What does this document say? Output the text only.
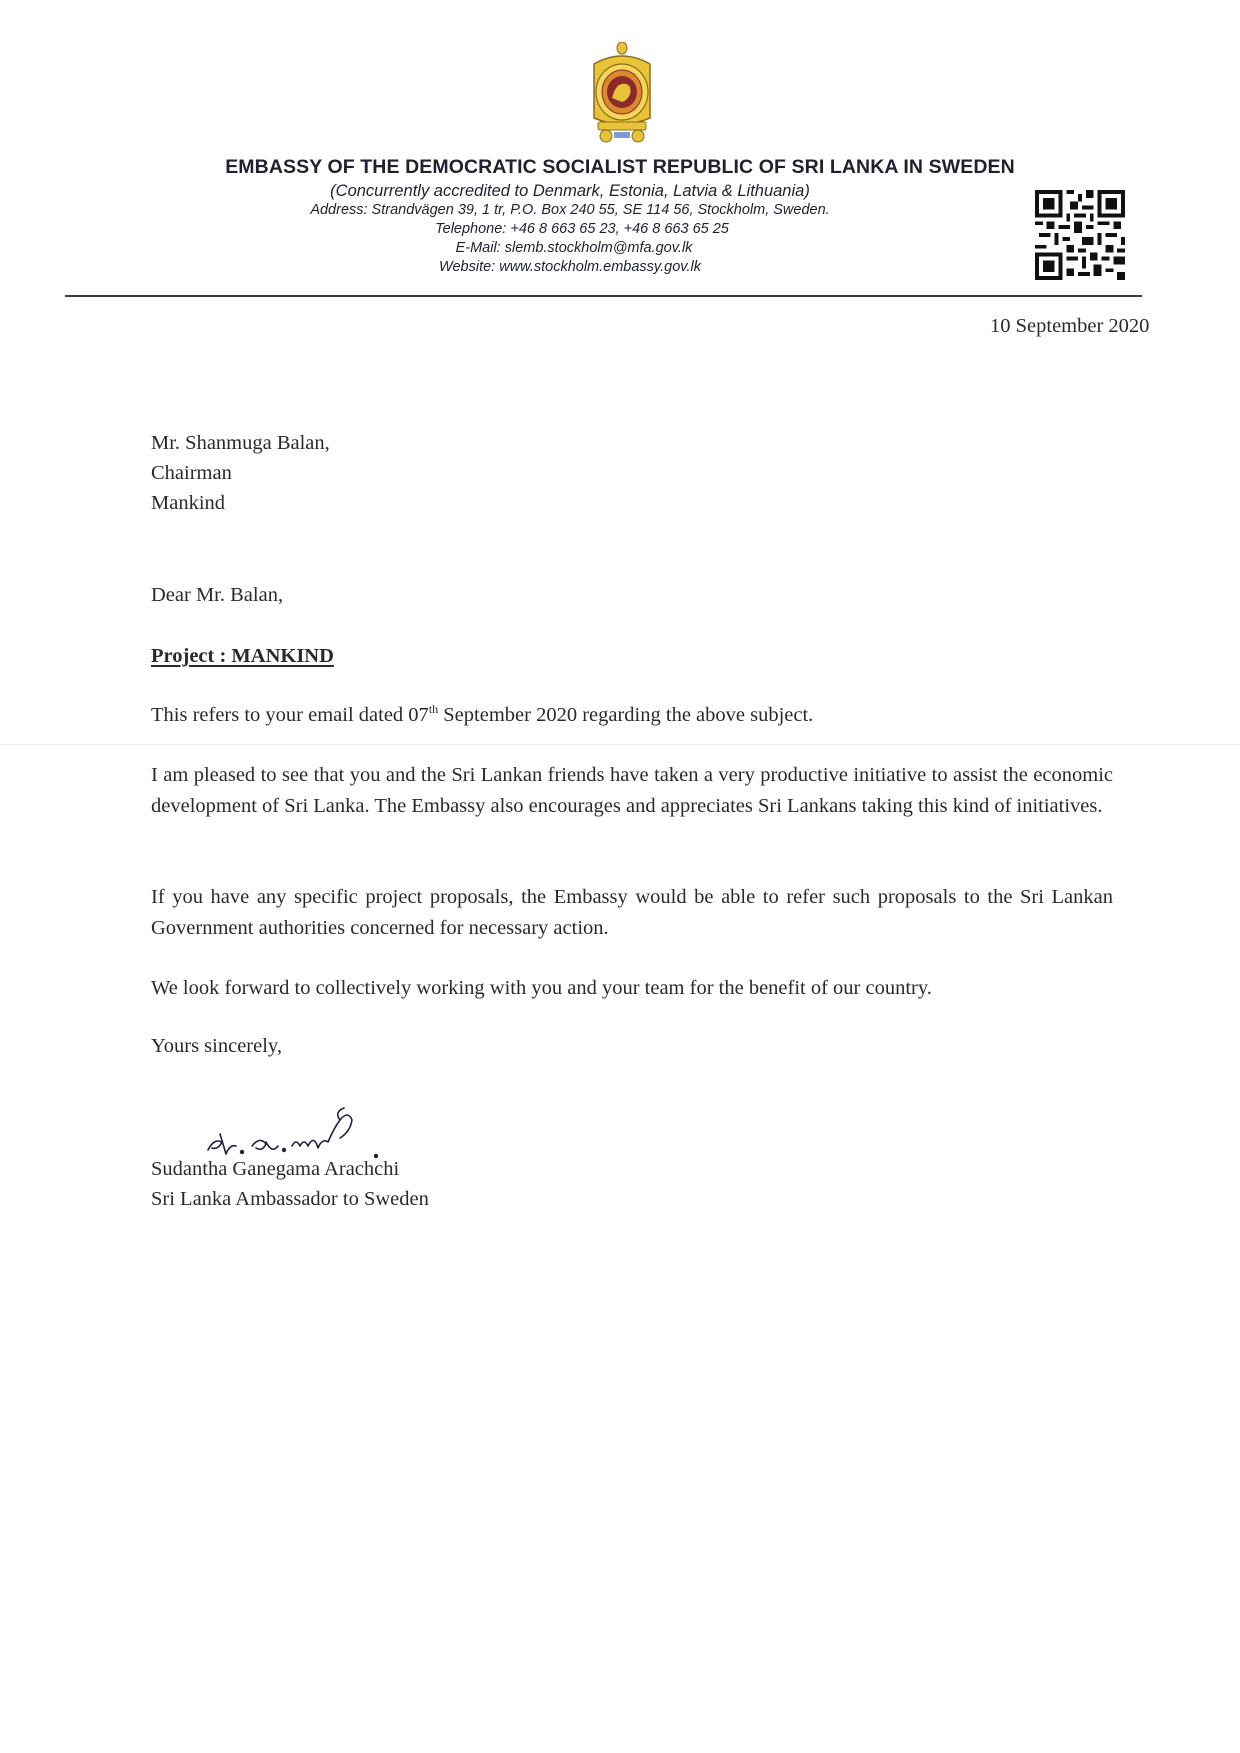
EMBASSY OF THE DEMOCRATIC SOCIALIST REPUBLIC OF SRI LANKA IN SWEDEN
(Concurrently accredited to Denmark, Estonia, Latvia & Lithuania)
Address: Strandvägen 39, 1 tr, P.O. Box 240 55, SE 114 56, Stockholm, Sweden.
Telephone: +46 8 663 65 23, +46 8 663 65 25
E-Mail: slemb.stockholm@mfa.gov.lk
Website: www.stockholm.embassy.gov.lk
10 September 2020
Mr. Shanmuga Balan,
Chairman
Mankind
Dear Mr. Balan,
Project : MANKIND
This refers to your email dated 07th September 2020 regarding the above subject.
I am pleased to see that you and the Sri Lankan friends have taken a very productive initiative to assist the economic development of Sri Lanka. The Embassy also encourages and appreciates Sri Lankans taking this kind of initiatives.
If you have any specific project proposals, the Embassy would be able to refer such proposals to the Sri Lankan Government authorities concerned for necessary action.
We look forward to collectively working with you and your team for the benefit of our country.
Yours sincerely,
Sudantha Ganegama Arachchi
Sri Lanka Ambassador to Sweden
